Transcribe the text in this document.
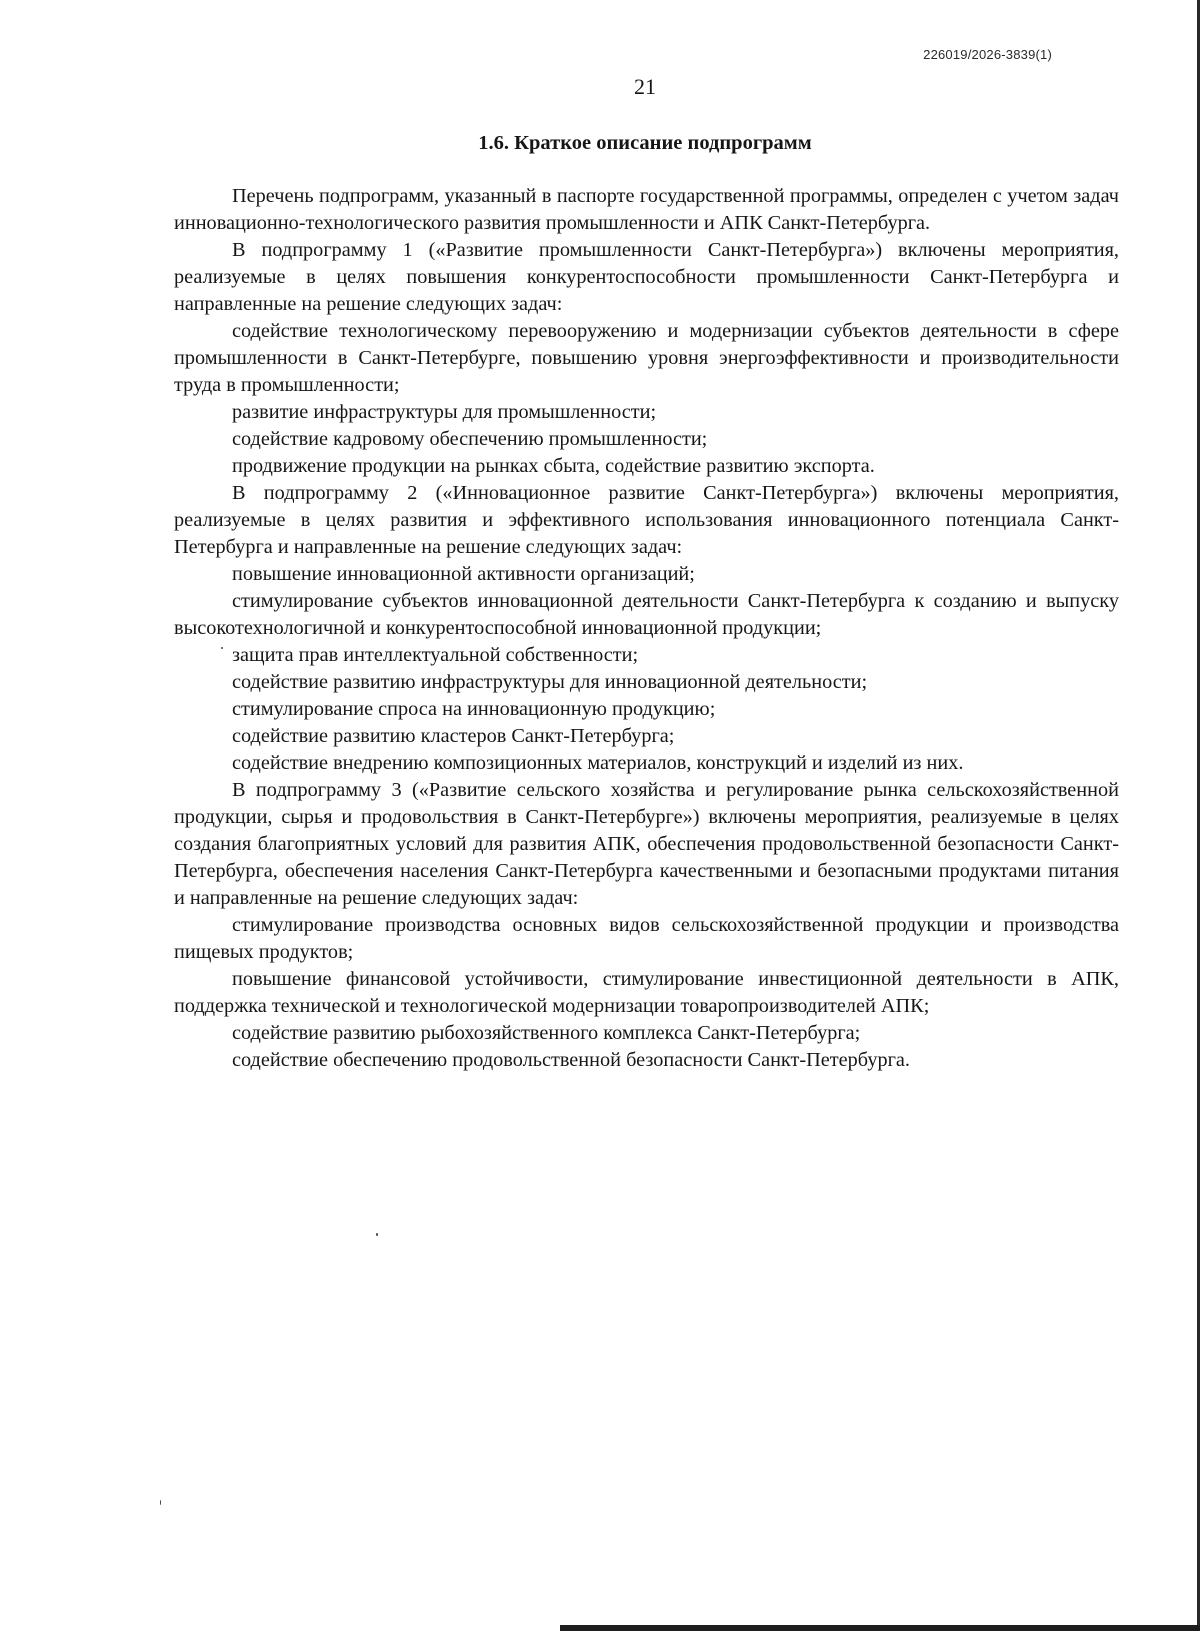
226019/2026-3839(1)
21
1.6. Краткое описание подпрограмм

Перечень подпрограмм, указанный в паспорте государственной программы, определен с учетом задач инновационно-технологического развития промышленности и АПК Санкт-Петербурга.

В подпрограмму 1 («Развитие промышленности Санкт-Петербурга») включены мероприятия, реализуемые в целях повышения конкурентоспособности промышленности Санкт-Петербурга и направленные на решение следующих задач:

содействие технологическому перевооружению и модернизации субъектов деятельности в сфере промышленности в Санкт-Петербурге, повышению уровня энергоэффективности и производительности труда в промышленности;

развитие инфраструктуры для промышленности;

содействие кадровому обеспечению промышленности;

продвижение продукции на рынках сбыта, содействие развитию экспорта.

В подпрограмму 2 («Инновационное развитие Санкт-Петербурга») включены мероприятия, реализуемые в целях развития и эффективного использования инновационного потенциала Санкт-Петербурга и направленные на решение следующих задач:

повышение инновационной активности организаций;

стимулирование субъектов инновационной деятельности Санкт-Петербурга к созданию и выпуску высокотехнологичной и конкурентоспособной инновационной продукции;

защита прав интеллектуальной собственности;

содействие развитию инфраструктуры для инновационной деятельности;

стимулирование спроса на инновационную продукцию;

содействие развитию кластеров Санкт-Петербурга;

содействие внедрению композиционных материалов, конструкций и изделий из них.

В подпрограмму 3 («Развитие сельского хозяйства и регулирование рынка сельскохозяйственной продукции, сырья и продовольствия в Санкт-Петербурге») включены мероприятия, реализуемые в целях создания благоприятных условий для развития АПК, обеспечения продовольственной безопасности Санкт-Петербурга, обеспечения населения Санкт-Петербурга качественными и безопасными продуктами питания и направленные на решение следующих задач:

стимулирование производства основных видов сельскохозяйственной продукции и производства пищевых продуктов;

повышение финансовой устойчивости, стимулирование инвестиционной деятельности в АПК, поддержка технической и технологической модернизации товаропроизводителей АПК;

содействие развитию рыбохозяйственного комплекса Санкт-Петербурга;

содействие обеспечению продовольственной безопасности Санкт-Петербурга.
